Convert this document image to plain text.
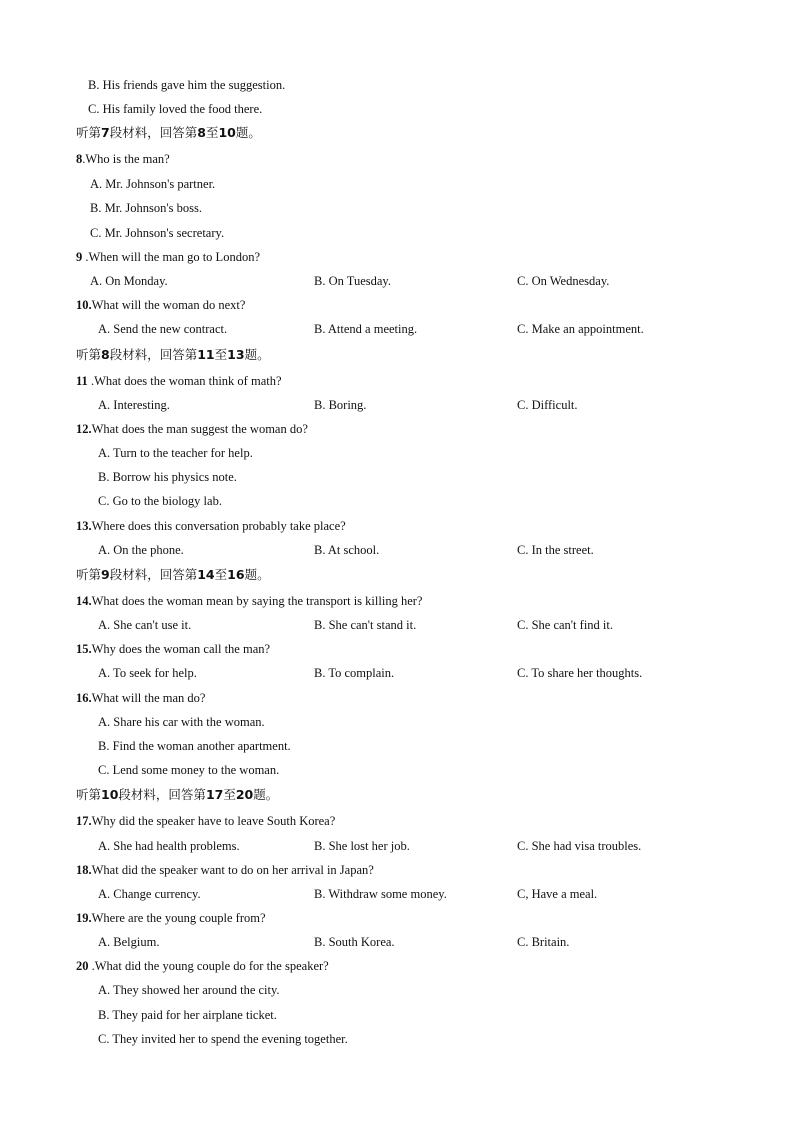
B. His friends gave him the suggestion.
C. His family loved the food there.
听第7段材料，回答第8至10题。
8.Who is the man?
A. Mr. Johnson's partner.
B. Mr. Johnson's boss.
C. Mr. Johnson's secretary.
9 .When will the man go to London?
A. On Monday.	B. On Tuesday.	C. On Wednesday.
10.What will the woman do next?
A. Send the new contract.	B. Attend a meeting.	C. Make an appointment.
听第8段材料，回答第11至13题。
11 .What does the woman think of math?
A. Interesting.	B. Boring.	C. Difficult.
12.What does the man suggest the woman do?
A. Turn to the teacher for help.
B. Borrow his physics note.
C. Go to the biology lab.
13.Where does this conversation probably take place?
A. On the phone.	B. At school.	C. In the street.
听第9段材料，回答第14至16题。
14.What does the woman mean by saying the transport is killing her?
A. She can't use it.	B. She can't stand it.	C. She can't find it.
15.Why does the woman call the man?
A. To seek for help.	B. To complain.	C. To share her thoughts.
16.What will the man do?
A. Share his car with the woman.
B. Find the woman another apartment.
C. Lend some money to the woman.
听第10段材料，回答第17至20题。
17.Why did the speaker have to leave South Korea?
A. She had health problems.	B. She lost her job.	C. She had visa troubles.
18.What did the speaker want to do on her arrival in Japan?
A. Change currency.	B. Withdraw some money.	C, Have a meal.
19.Where are the young couple from?
A. Belgium.	B. South Korea.	C. Britain.
20 .What did the young couple do for the speaker?
A. They showed her around the city.
B. They paid for her airplane ticket.
C. They invited her to spend the evening together.
